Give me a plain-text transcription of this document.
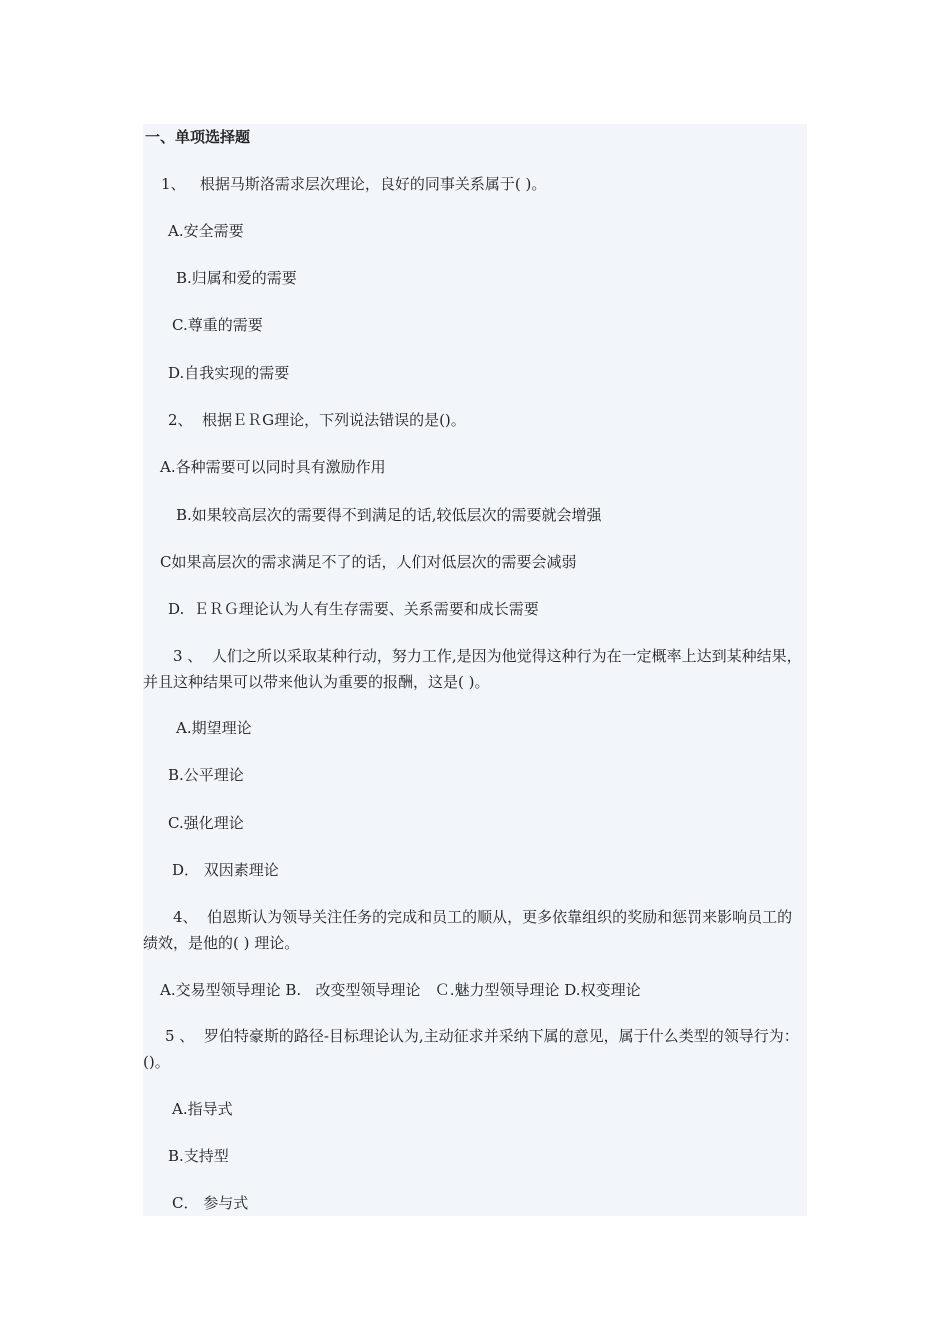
一、单项选择题
1、   根据马斯洛需求层次理论，良好的同事关系属于( )。
A.安全需要
B.归属和爱的需要
C.尊重的需要
D.自我实现的需要
2、  根据ＥＲG理论，下列说法错误的是()。
A.各种需要可以同时具有激励作用
B.如果较高层次的需要得不到满足的话,较低层次的需要就会增强
C如果高层次的需求满足不了的话，人们对低层次的需要会减弱
D.  ＥＲＧ理论认为人有生存需要、关系需要和成长需要
3 、  人们之所以采取某种行动，努力工作,是因为他觉得这种行为在一定概率上达到某种结果，并且这种结果可以带来他认为重要的报酬，这是( )。
A.期望理论
B.公平理论
C.强化理论
D． 双因素理论
4、  伯恩斯认为领导关注任务的完成和员工的顺从，更多依靠组织的奖励和惩罚来影响员工的绩效，是他的( ) 理论。
A.交易型领导理论 B.   改变型领导理论   Ｃ.魅力型领导理论 D.权变理论
5 、  罗伯特豪斯的路径-目标理论认为,主动征求并采纳下属的意见，属于什么类型的领导行为：()。
A.指导式
B.支持型
C． 参与式
